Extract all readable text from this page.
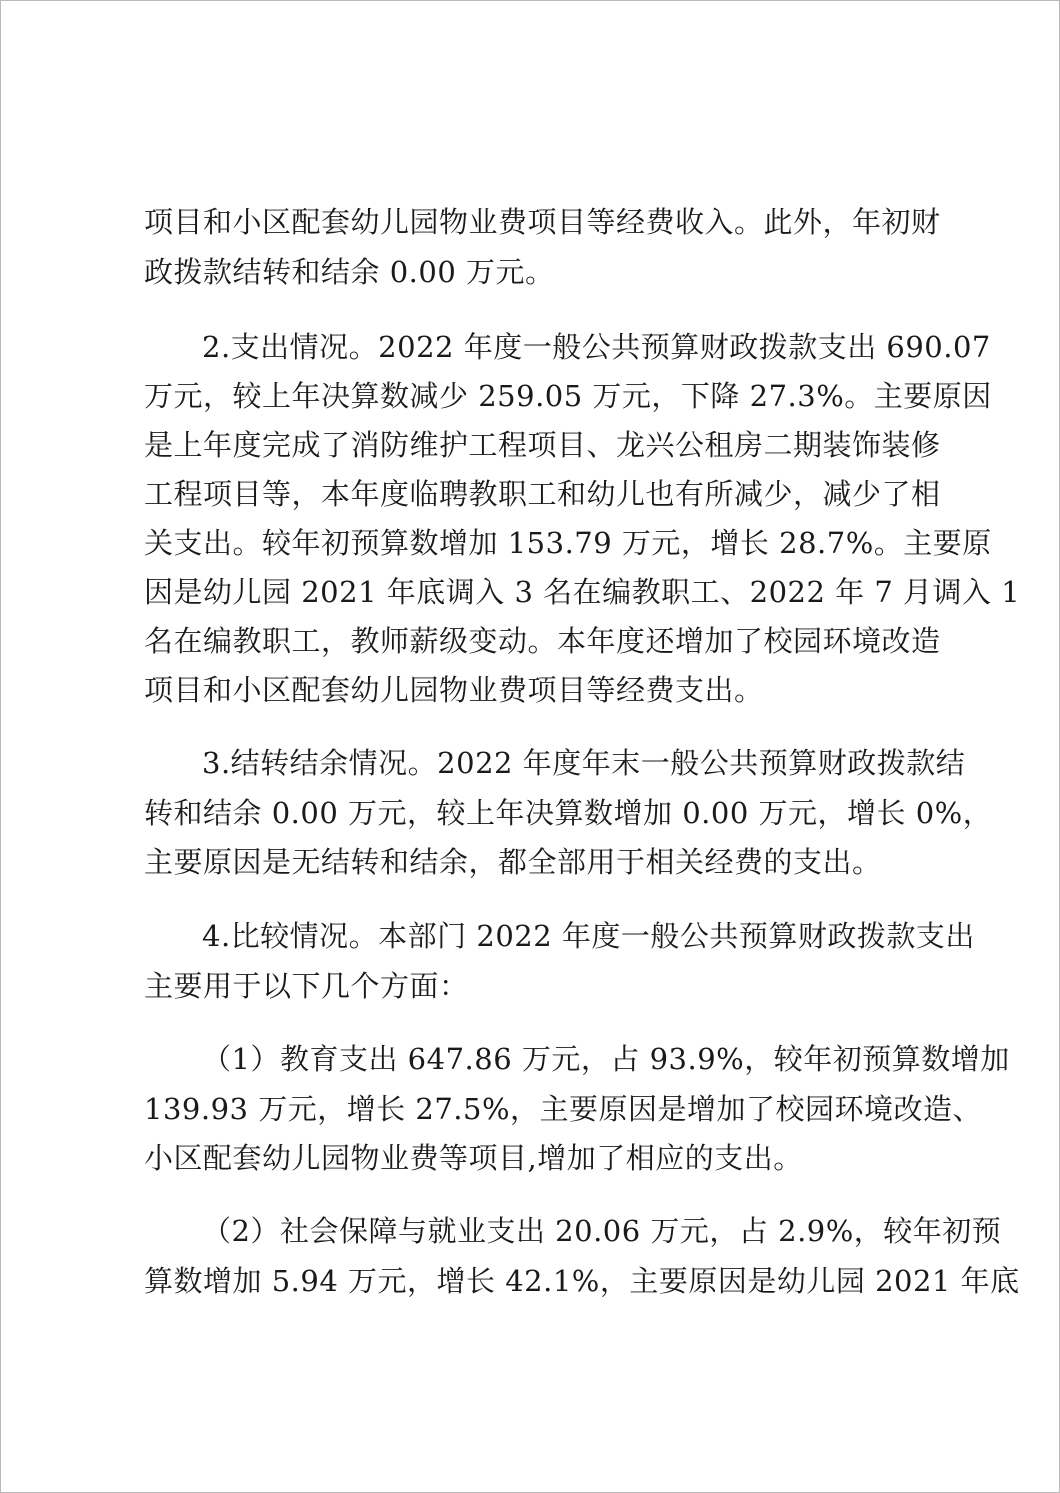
项目和小区配套幼儿园物业费项目等经费收入。此外，年初财
政拨款结转和结余 0.00 万元。
2.支出情况。2022 年度一般公共预算财政拨款支出 690.07
万元，较上年决算数减少 259.05 万元，下降 27.3%。主要原因
是上年度完成了消防维护工程项目、龙兴公租房二期装饰装修
工程项目等，本年度临聘教职工和幼儿也有所减少，减少了相
关支出。较年初预算数增加 153.79 万元，增长 28.7%。主要原
因是幼儿园 2021 年底调入 3 名在编教职工、2022 年 7 月调入 1
名在编教职工，教师薪级变动。本年度还增加了校园环境改造
项目和小区配套幼儿园物业费项目等经费支出。
3.结转结余情况。2022 年度年末一般公共预算财政拨款结
转和结余 0.00 万元，较上年决算数增加 0.00 万元，增长 0%，
主要原因是无结转和结余，都全部用于相关经费的支出。
4.比较情况。本部门 2022 年度一般公共预算财政拨款支出
主要用于以下几个方面：
（1）教育支出 647.86 万元，占 93.9%，较年初预算数增加
139.93 万元，增长 27.5%，主要原因是增加了校园环境改造、
小区配套幼儿园物业费等项目,增加了相应的支出。
（2）社会保障与就业支出 20.06 万元，占 2.9%，较年初预
算数增加 5.94 万元，增长 42.1%，主要原因是幼儿园 2021 年底
